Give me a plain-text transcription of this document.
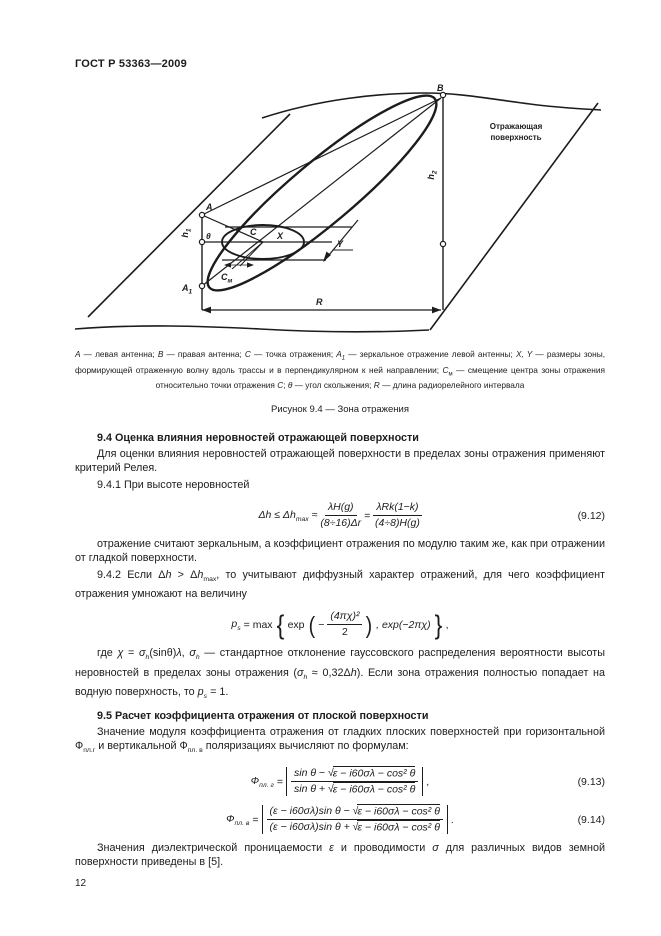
ГОСТ Р 53363—2009
A
$A_1$
B
$h_1$
$h_2$
θ	C X
Y
$C_м$
R
Отражающая
поверхность
А — левая антенна; В — правая антенна; С — точка отражения; $А_1$ — зеркальное отражение левой антенны; X, Y — размеры зоны, формирующей отраженную волну вдоль трассы и в перпендикулярном к ней направлении; $С_м$ — смещение центра зоны отражения относительно точки отражения С; θ — угол скольжения; R — длина радиорелейного интервала
Рисунок 9.4 — Зона отражения
9.4 Оценка влияния неровностей отражающей поверхности

Для оценки влияния неровностей отражающей поверхности в пределах зоны отражения применяют критерий Релея.

9.4.1 При высоте неровностей

$\Delta h \le \Delta h_{max} \approx \frac{\lambda H(g)}{(8\div 16)\Delta r} = \frac{\text{λRk(1−k)}}{(4\div 8)H(g)}$	(9.12)

отражение считают зеркальным, а коэффициент отражения по модулю таким же, как при отражении от гладкой поверхности.

9.4.2 Если $\Delta h > \Delta h_{max}$, то учитывают диффузный характер отражений, для чего коэффициент отражения умножают на величину

$p_s = \max$ { exp ( − $\frac{\text{(4πχ)²}}{2}$ ) , exp(−2πχ) } ,

где $\chi = \sigma_h(\sin\theta)\lambda$, $\sigma_h$ — стандартное отклонение гауссовского распределения вероятности высоты неровностей в пределах зоны отражения $(\sigma_h \approx 0,32\Delta h)$. Если зона отражения полностью попадает на водную поверхность, то $p_s = 1$.

9.5 Расчет коэффициента отражения от плоской поверхности

Значение модуля коэффициента отражения от гладких плоских поверхностей при горизонтальной $Ф_{пл.г}$ и вертикальной $Ф_{пл. в}$ поляризациях вычисляют по формулам:

$Ф_{пл. г} = \frac{\text{sin θ − √ε − i60σλ − cos² θ}}{\text{sin θ + √ε − i60σλ − cos² θ}}$ ,	(9.13)
$Ф_{пл. в} = \frac{\text{(ε − i60σλ)sin θ − √ε − i60σλ − cos² θ}}{\text{(ε − i60σλ)sin θ + √ε − i60σλ − cos² θ}}$ .	(9.14)

Значения диэлектрической проницаемости ε и проводимости σ для различных видов земной поверхности приведены в [5].

12
